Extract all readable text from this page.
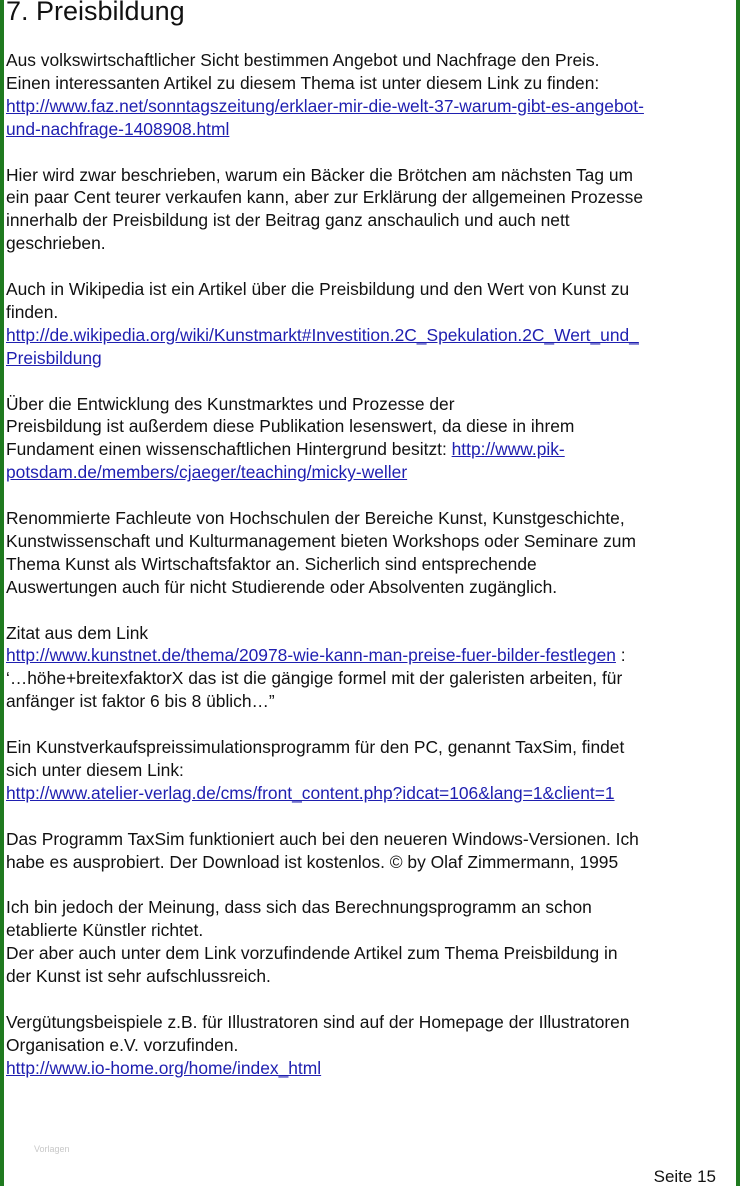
7. Preisbildung

Aus volkswirtschaftlicher Sicht bestimmen Angebot und Nachfrage den Preis.
Einen interessanten Artikel zu diesem Thema ist unter diesem Link zu finden:
http://www.faz.net/sonntagszeitung/erklaer-mir-die-welt-37-warum-gibt-es-angebot-
und-nachfrage-1408908.html

Hier wird zwar beschrieben, warum ein Bäcker die Brötchen am nächsten Tag um
ein paar Cent teurer verkaufen kann, aber zur Erklärung der allgemeinen Prozesse
innerhalb der Preisbildung ist der Beitrag ganz anschaulich und auch nett
geschrieben.

Auch in Wikipedia ist ein Artikel über die Preisbildung und den Wert von Kunst zu
finden.
http://de.wikipedia.org/wiki/Kunstmarkt#Investition.2C_Spekulation.2C_Wert_und_
Preisbildung

Über die Entwicklung des Kunstmarktes und Prozesse der
Preisbildung ist außerdem diese Publikation lesenswert, da diese in ihrem
Fundament einen wissenschaftlichen Hintergrund besitzt: http://www.pik-
potsdam.de/members/cjaeger/teaching/micky-weller

Renommierte Fachleute von Hochschulen der Bereiche Kunst, Kunstgeschichte,
Kunstwissenschaft und Kulturmanagement bieten Workshops oder Seminare zum
Thema Kunst als Wirtschaftsfaktor an. Sicherlich sind entsprechende
Auswertungen auch für nicht Studierende oder Absolventen zugänglich.

Zitat aus dem Link
http://www.kunstnet.de/thema/20978-wie-kann-man-preise-fuer-bilder-festlegen :
‘…höhe+breitexfaktorX das ist die gängige formel mit der galeristen arbeiten, für
anfänger ist faktor 6 bis 8 üblich…”

Ein Kunstverkaufspreissimulationsprogramm für den PC, genannt TaxSim, findet
sich unter diesem Link:
http://www.atelier-verlag.de/cms/front_content.php?idcat=106&lang=1&client=1

Das Programm TaxSim funktioniert auch bei den neueren Windows-Versionen. Ich
habe es ausprobiert. Der Download ist kostenlos. © by Olaf Zimmermann, 1995

Ich bin jedoch der Meinung, dass sich das Berechnungsprogramm an schon
etablierte Künstler richtet.
Der aber auch unter dem Link vorzufindende Artikel zum Thema Preisbildung in
der Kunst ist sehr aufschlussreich.

Vergütungsbeispiele z.B. für Illustratoren sind auf der Homepage der Illustratoren
Organisation e.V. vorzufinden.
http://www.io-home.org/home/index_html

Vorlagen
Seite 15
